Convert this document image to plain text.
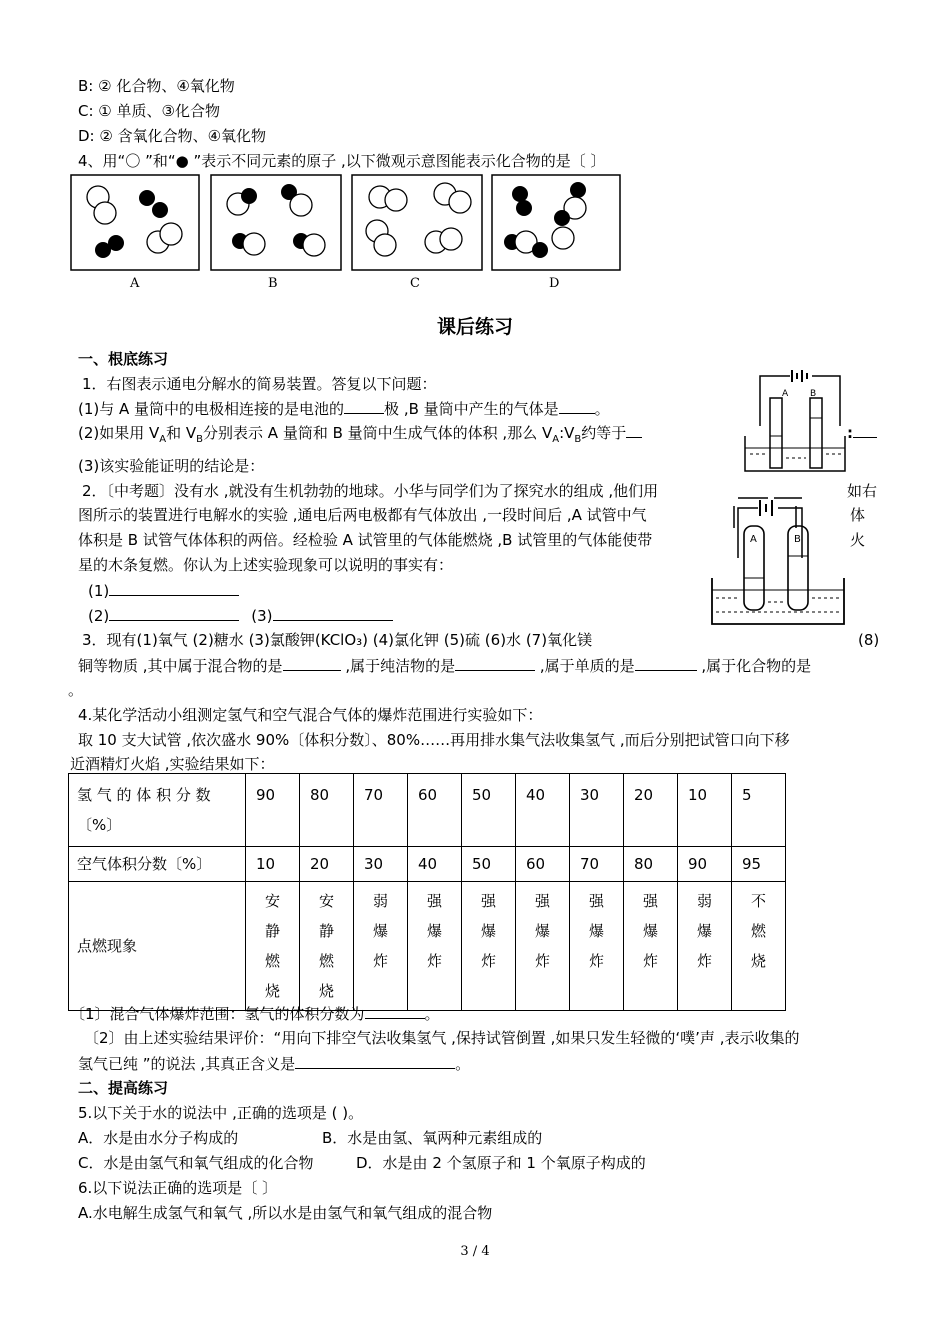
B: ② 化合物、④氧化物
C: ① 单质、③化合物
D: ② 含氧化合物、④氧化物
4、用“〇 ”和“● ”表示不同元素的原子 ,以下微观示意图能表示化合物的是〔 〕
A	B	C	D
课后练习
一、根底练习
1．右图表示通电分解水的简易装置。答复以下问题：
(1)与 A 量筒中的电极相连接的是电池的	极 ,B 量筒中产生的气体是 。
(2)如果用 $V_A$和 $V_B$分别表示 A 量筒和 B 量筒中生成气体的体积 ,那么 $V_A:V_B$约等于	:
(3)该实验能证明的结论是：
2．〔中考题〕没有水 ,就没有生机勃勃的地球。小华与同学们为了探究水的组成 ,他们用	如右
图所示的装置进行电解水的实验 ,通电后两电极都有气体放出 ,一段时间后 ,A 试管中气	体
体积是 B 试管气体体积的两倍。经检验 A 试管里的气体能燃烧 ,B 试管里的气体能使带	火
星的木条复燃。你认为上述实验现象可以说明的事实有：
(1)
(2)	(3)
3．现有(1)氧气 (2)糖水 (3)氯酸钾(KClO₃) (4)氯化钾 (5)硫 (6)水 (7)氧化镁	(8)
铜等物质 ,其中属于混合物的是	,属于纯洁物的是	,属于单质的是	,属于化合物的是
。
4.某化学活动小组测定氢气和空气混合气体的爆炸范围进行实验如下：
取 10 支大试管 ,依次盛水 90%〔体积分数〕、80%……再用排水集气法收集氢气 ,而后分别把试管口向下移
近酒精灯火焰 ,实验结果如下：
氢 气 的 体 积 分 数 〔%〕	90	80	70	60	50	40	30	20	10	5
空气体积分数〔%〕	10	20	30	40	50	60	70	80	90	95
点燃现象	安
静
燃
烧	安
静
燃
烧	弱
爆
炸	强
爆
炸	强
爆
炸	强
爆
炸	强
爆
炸	强
爆
炸	弱
爆
炸	不
燃
烧
〔1〕混合气体爆炸范围：氢气的体积分数为	。
〔2〕由上述实验结果评价：“用向下排空气法收集氢气 ,保持试管倒置 ,如果只发生轻微的‘噗’声 ,表示收集的
氢气已纯 ”的说法 ,其真正含义是	。
二、提高练习
5.以下关于水的说法中 ,正确的选项是 ( )。
A．水是由水分子构成的	B．水是由氢、氧两种元素组成的
C．水是由氢气和氧气组成的化合物	D．水是由 2 个氢原子和 1 个氧原子构成的
6.以下说法正确的选项是〔 〕
A.水电解生成氢气和氧气 ,所以水是由氢气和氧气组成的混合物
A B
A	B
3 / 4
